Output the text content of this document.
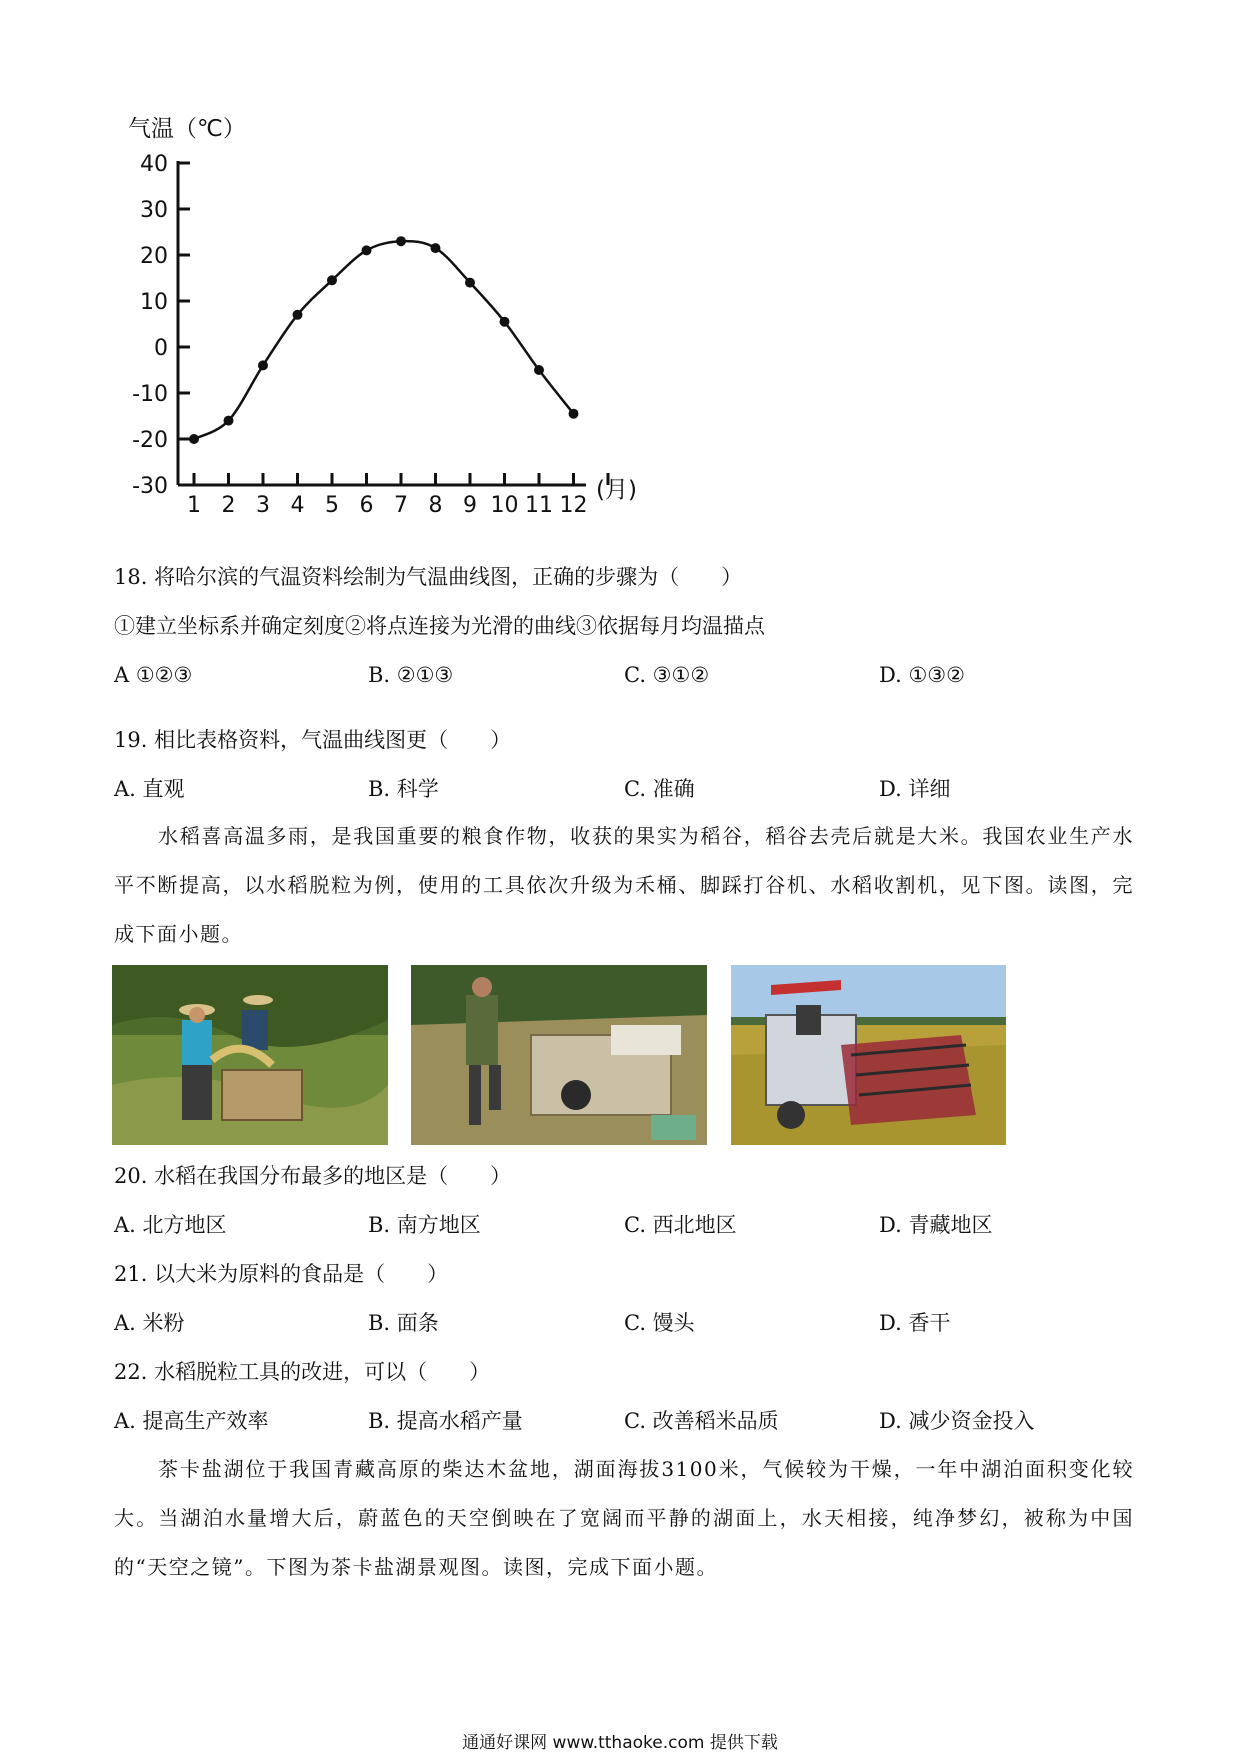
气温（℃）
(月)
40
30
20
10
0
-10
-20
-30
1 2 3 4 5 6 7 8 9 10 11 12
18. 将哈尔滨的气温资料绘制为气温曲线图，正确的步骤为（　　）
①建立坐标系并确定刻度②将点连接为光滑的曲线③依据每月均温描点
A ①②③	B. ②①③	C. ③①②	D. ①③②
19. 相比表格资料，气温曲线图更（　　）
A. 直观	B. 科学	C. 准确	D. 详细
水稻喜高温多雨，是我国重要的粮食作物，收获的果实为稻谷，稻谷去壳后就是大米。我国农业生产水平不断提高，以水稻脱粒为例，使用的工具依次升级为禾桶、脚踩打谷机、水稻收割机，见下图。读图，完成下面小题。
20. 水稻在我国分布最多的地区是（　　）
A. 北方地区	B. 南方地区	C. 西北地区	D. 青藏地区
21. 以大米为原料的食品是（　　）
A. 米粉	B. 面条	C. 馒头	D. 香干
22. 水稻脱粒工具的改进，可以（　　）
A. 提高生产效率	B. 提高水稻产量	C. 改善稻米品质	D. 减少资金投入
茶卡盐湖位于我国青藏高原的柴达木盆地，湖面海拔3100米，气候较为干燥，一年中湖泊面积变化较大。当湖泊水量增大后，蔚蓝色的天空倒映在了宽阔而平静的湖面上，水天相接，纯净梦幻，被称为中国的“天空之镜”。下图为茶卡盐湖景观图。读图，完成下面小题。
通通好课网 www.tthaoke.com 提供下载
